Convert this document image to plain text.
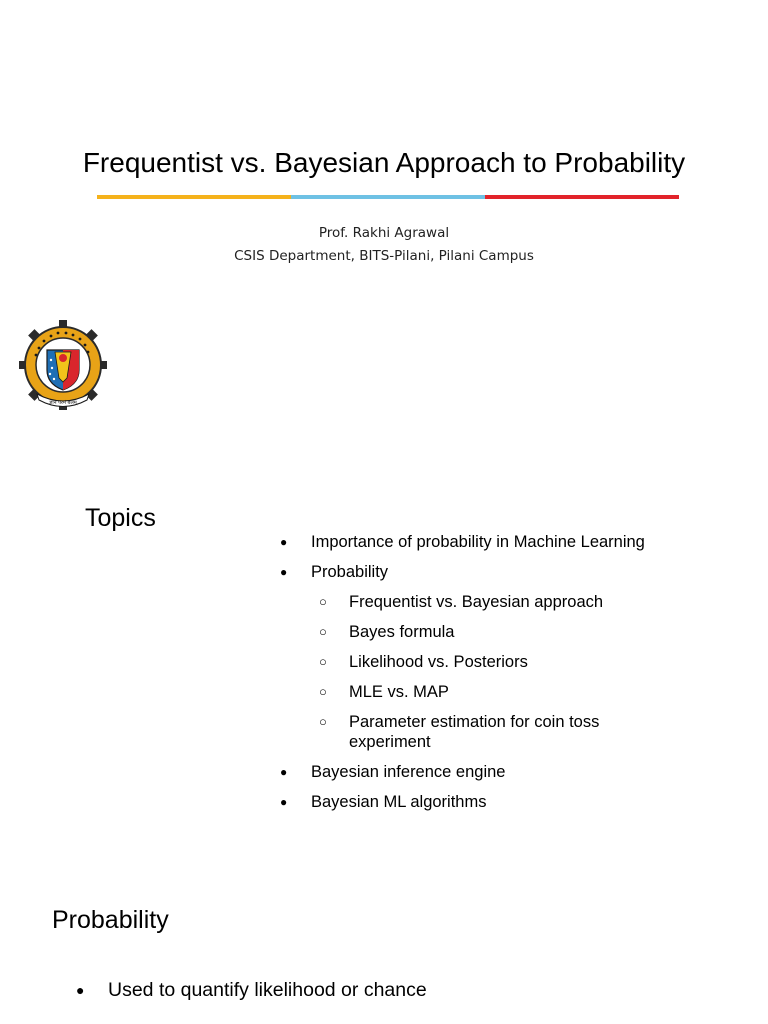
Frequentist vs. Bayesian Approach to Probability
Prof. Rakhi Agrawal
CSIS Department, BITS-Pilani, Pilani Campus
ज्ञानं परमं बलम्
Topics
● Importance of probability in Machine Learning
● Probability
○ Frequentist vs. Bayesian approach
○ Bayes formula
○ Likelihood vs. Posteriors
○ MLE vs. MAP
○ Parameter estimation for coin toss experiment
● Bayesian inference engine
● Bayesian ML algorithms
Probability
● Used to quantify likelihood or chance
